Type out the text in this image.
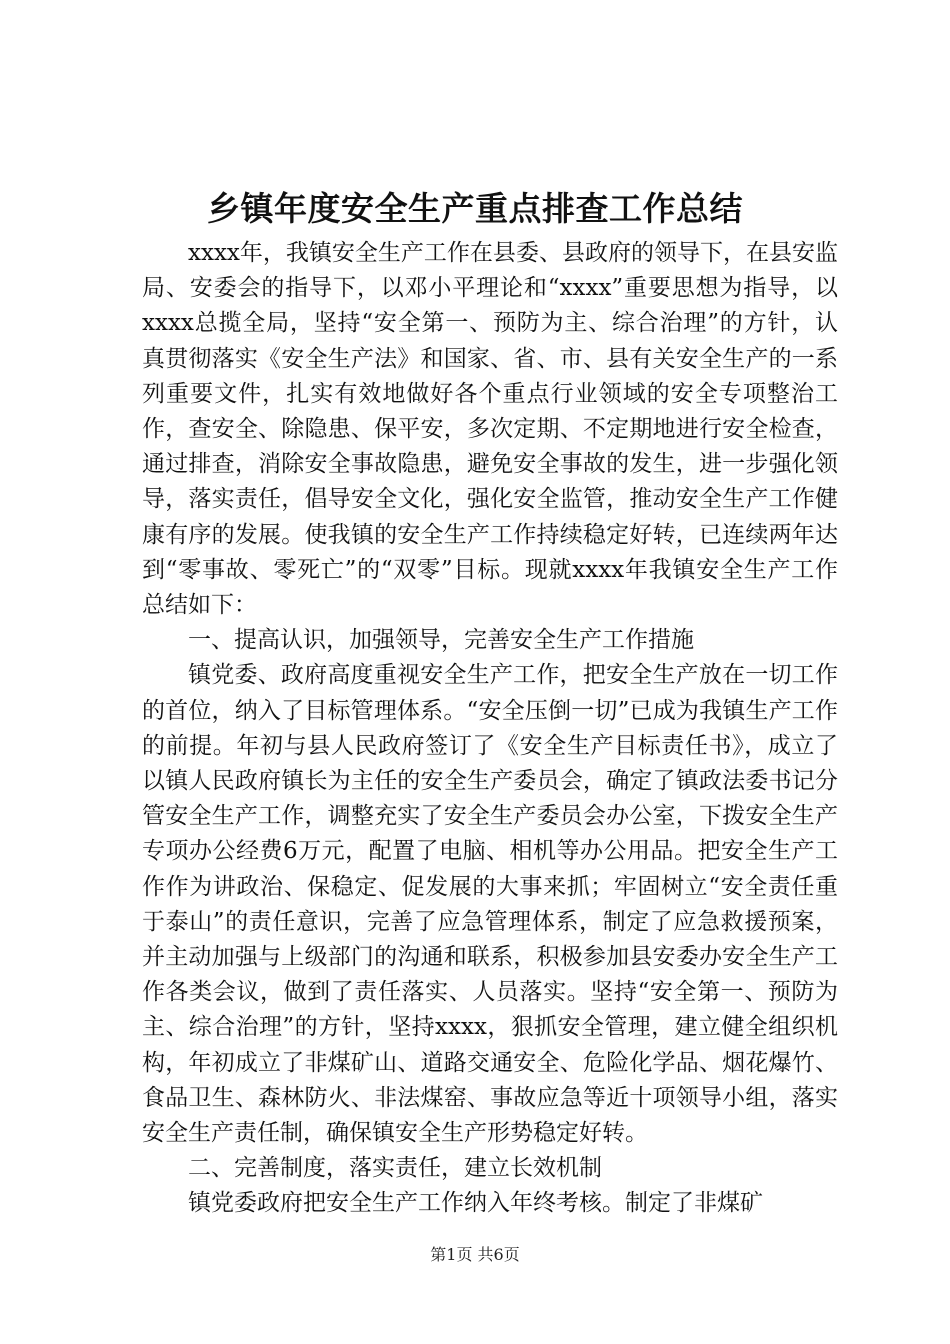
乡镇年度安全生产重点排查工作总结

xxxx年，我镇安全生产工作在县委、县政府的领导下，在县安监局、安委会的指导下，以邓小平理论和“xxxx”重要思想为指导，以xxxx总揽全局，坚持“安全第一、预防为主、综合治理”的方针，认真贯彻落实《安全生产法》和国家、省、市、县有关安全生产的一系列重要文件，扎实有效地做好各个重点行业领域的安全专项整治工作，查安全、除隐患、保平安，多次定期、不定期地进行安全检查，通过排查，消除安全事故隐患，避免安全事故的发生，进一步强化领导，落实责任，倡导安全文化，强化安全监管，推动安全生产工作健康有序的发展。使我镇的安全生产工作持续稳定好转，已连续两年达到“零事故、零死亡”的“双零”目标。现就xxxx年我镇安全生产工作总结如下：

一、提高认识，加强领导，完善安全生产工作措施

镇党委、政府高度重视安全生产工作，把安全生产放在一切工作的首位，纳入了目标管理体系。“安全压倒一切”已成为我镇生产工作的前提。年初与县人民政府签订了《安全生产目标责任书》，成立了以镇人民政府镇长为主任的安全生产委员会，确定了镇政法委书记分管安全生产工作，调整充实了安全生产委员会办公室，下拨安全生产专项办公经费6万元，配置了电脑、相机等办公用品。把安全生产工作作为讲政治、保稳定、促发展的大事来抓；牢固树立“安全责任重于泰山”的责任意识，完善了应急管理体系，制定了应急救援预案，并主动加强与上级部门的沟通和联系，积极参加县安委办安全生产工作各类会议，做到了责任落实、人员落实。坚持“安全第一、预防为主、综合治理”的方针，坚持xxxx，狠抓安全管理，建立健全组织机构，年初成立了非煤矿山、道路交通安全、危险化学品、烟花爆竹、食品卫生、森林防火、非法煤窑、事故应急等近十项领导小组，落实安全生产责任制，确保镇安全生产形势稳定好转。

二、完善制度，落实责任，建立长效机制

镇党委政府把安全生产工作纳入年终考核。制定了非煤矿

第1页 共6页
